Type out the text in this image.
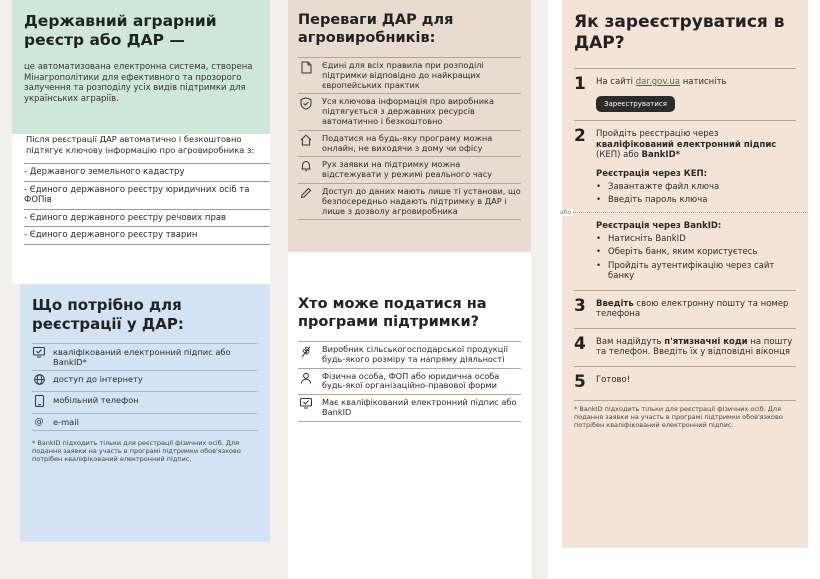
Державний аграрний реєстр або ДАР —

це автоматизована електронна система, створена Мінагрополітики для ефективного та прозорого залучення та розподілу усіх видів підтримки для українських аграріїв.

Після реєстрації ДАР автоматично і безкоштовно підтягує ключову інформацію про агровиробника з:

- Державного земельного кадастру
- Єдиного державного реєстру юридичних осіб та ФОПів
- Єдиного державного реєстру речових прав
- Єдиного державного реєстру тварин
Що потрібно для реєстрації у ДАР:
кваліфікований електронний підпис або BankID*
доступ до інтернету
мобільний телефон
@	e-mail

* BankID підходить тільки для реєстрації фізичних осіб. Для подання заявки на участь в програмі підтримки обов'язково потрібен кваліфікований електронний підпис.

Переваги ДАР для агровиробників:
Єдині для всіх правила при розподілі підтримки відповідно до найкращих європейських практик
Уся ключова інформація про виробника підтягується з державних ресурсів автоматично і безкоштовно
Податися на будь-яку програму можна онлайн, не виходячи з дому чи офісу
Рух заявки на підтримку можна відстежувати у режимі реального часу
Доступ до даних мають лише ті установи, що безпосередньо надають підтримку в ДАР і лише з дозволу агровиробника
Хто може податися на програми підтримки?
Виробник сільськогосподарської продукції будь-якого розміру та напряму діяльності
Фізична особа, ФОП або юридична особа будь-якої організаційно-правової форми
Має кваліфікований електронний підпис або BankID
Як зареєструватися в ДАР?
1	На сайті dar.gov.ua натисніть
Зареєструватися
2	Пройдіть реєстрацію через кваліфікований електронний підпис (КЕП) або BankID*
Реєстрація через КЕП:
• Завантажте файл ключа
• Введіть пароль ключа
або
Реєстрація через BankID:
• Натисніть BankID
• Оберіть банк, яким користуєтесь
• Пройдіть аутентифікацію через сайт банку
3	Введіть свою електронну пошту та номер телефона
4	Вам надійдуть п'ятизначні коди на пошту та телефон. Введіть їх у відповідні віконця
5	Готово!

* BankID підходить тільки для реєстрації фізичних осіб. Для подання заявки на участь в програмі підтримки обов'язково потрібен кваліфікований електронний підпис.
